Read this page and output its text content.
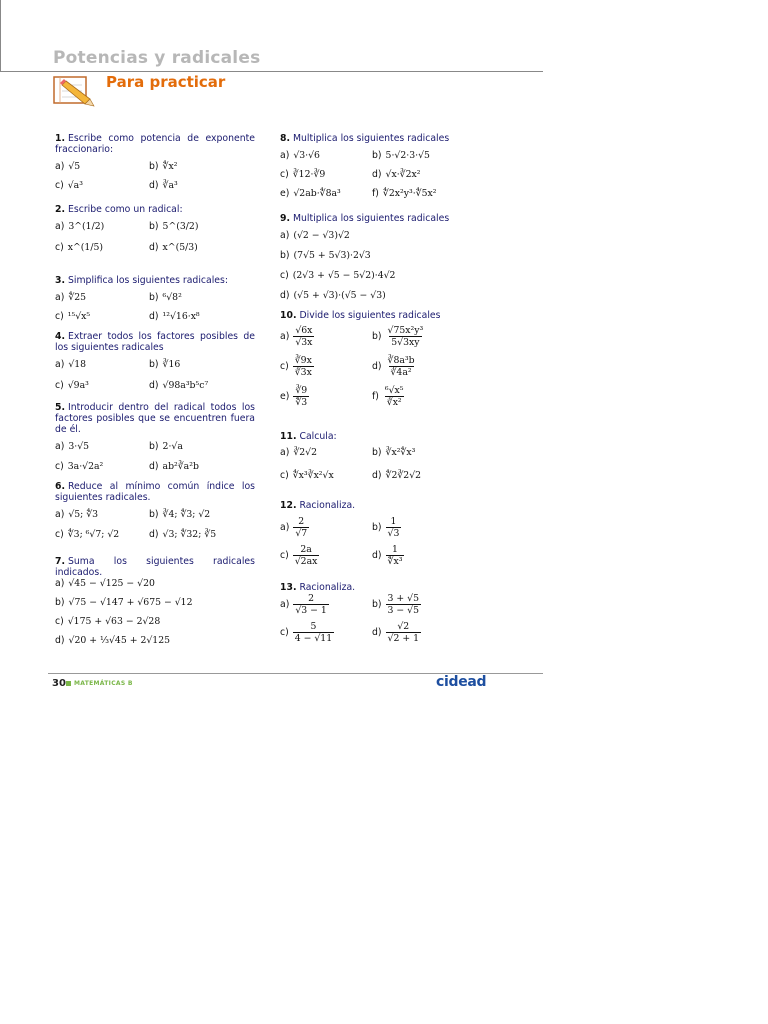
Potencias y radicales
Para practicar
1. Escribe como potencia de exponente fraccionario:
a) √5	b) ∜x²
c) √a³	d) ∛a³
2. Escribe como un radical:
a) 3^(1/2)	b) 5^(3/2)
c) x^(1/5)	d) x^(5/3)
3. Simplifica los siguientes radicales:
a) ∜25	b) ⁶√8²
c) ¹⁵√x⁵	d) ¹²√16·x⁸
4. Extraer todos los factores posibles de los siguientes radicales
a) √18	b) ∛16
c) √9a³	d) √98a³b⁵c⁷
5. Introducir dentro del radical todos los factores posibles que se encuentren fuera de él.
a) 3·√5	b) 2·√a
c) 3a·√2a²	d) ab²∛a²b
6. Reduce al mínimo común índice los siguientes radicales.
a) √5; ∜3	b) ∛4; ∜3; √2
c) ∜3; ⁶√7; √2	d) √3; ∜32; ∛5
7. Suma los siguientes radicales indicados.
a) √45 − √125 − √20
b) √75 − √147 + √675 − √12
c) √175 + √63 − 2√28
d) √20 + ⅓√45 + 2√125
8. Multiplica los siguientes radicales
a) √3·√6	b) 5·√2·3·√5
c) ∛12·∛9	d) √x·∛2x²
e) √2ab·∜8a³	f) ∜2x²y³·∜5x²
9. Multiplica los siguientes radicales
a) (√2 − √3)√2
b) (7√5 + 5√3)·2√3
c) (2√3 + √5 − 5√2)·4√2
d) (√5 + √3)·(√5 − √3)
10. Divide los siguientes radicales
$a) \frac{√6x}{√3x}$	$b) \frac{\text{√75x²y³}}{5√3xy}$
$c) \frac{∛9x}{∛3x}$	$d) \frac{\text{∛8a³b}}{\text{∛4a²}}$
$e) \frac{∛9}{∜3}$	$f) \frac{\text{⁶√x⁵}}{\text{∛x²}}$
11. Calcula:
a) ∛2√2	b) ∛x²∜x³
c) ∜x³∛x²√x	d) ∜2∛2√2
12. Racionaliza.
$a) \frac{2}{√7}$	$b) \frac{1}{√3}$
$c) \frac{2a}{√2ax}$	$d) \frac{1}{\text{∜x³}}$
13. Racionaliza.
$a) \frac{2}{√3 - 1}$	$b) \frac{3 + √5}{3 - √5}$
$c) \frac{5}{4 - √11}$	$d) \frac{√2}{√2 + 1}$
30 MATEMÁTICAS B	cidead
